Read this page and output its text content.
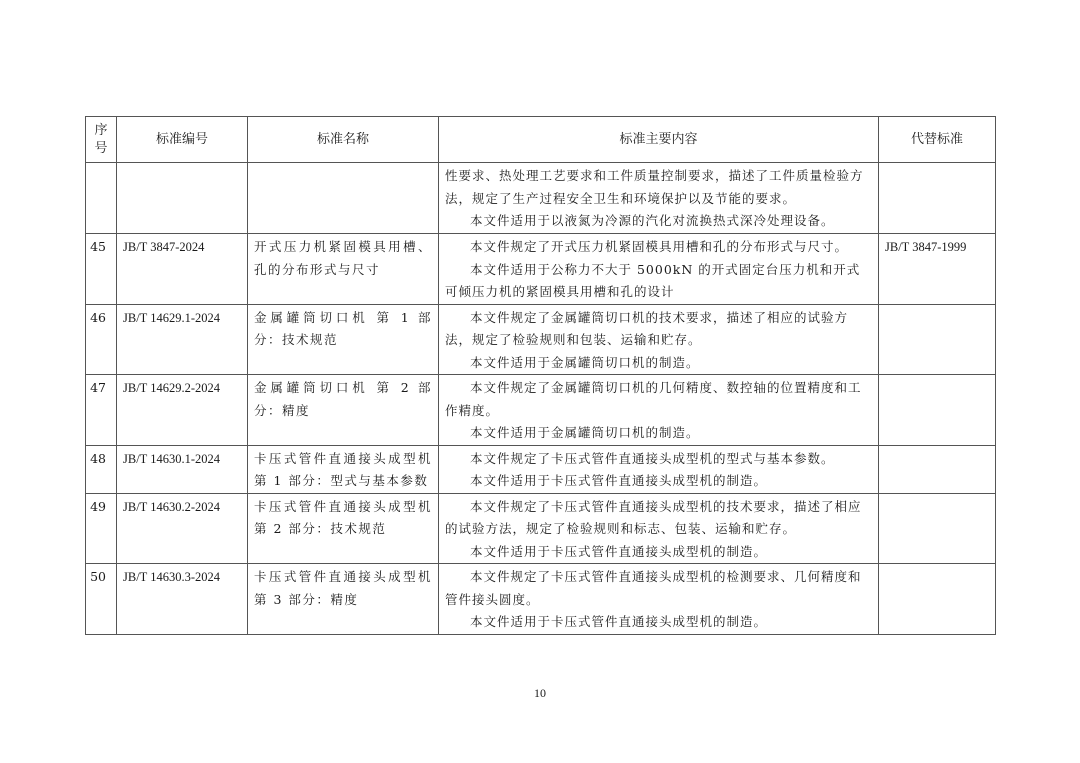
序号	标准编号	标准名称	标准主要内容	代替标准

			性要求、热处理工艺要求和工件质量控制要求，描述了工件质量检验方法，规定了生产过程安全卫生和环境保护以及节能的要求。
本文件适用于以液氮为冷源的汽化对流换热式深冷处理设备。	

45	JB/T 3847-2024	开式压力机紧固模具用槽、孔的分布形式与尺寸	本文件规定了开式压力机紧固模具用槽和孔的分布形式与尺寸。
本文件适用于公称力不大于 5000kN 的开式固定台压力机和开式可倾压力机的紧固模具用槽和孔的设计	JB/T 3847-1999
46	JB/T 14629.1-2024	金属罐筒切口机 第 1 部分：技术规范	本文件规定了金属罐筒切口机的技术要求，描述了相应的试验方法，规定了检验规则和包装、运输和贮存。
本文件适用于金属罐筒切口机的制造。	

47	JB/T 14629.2-2024	金属罐筒切口机 第 2 部分：精度	本文件规定了金属罐筒切口机的几何精度、数控轴的位置精度和工作精度。
本文件适用于金属罐筒切口机的制造。	

48	JB/T 14630.1-2024	卡压式管件直通接头成型机 第 1 部分：型式与基本参数	本文件规定了卡压式管件直通接头成型机的型式与基本参数。
本文件适用于卡压式管件直通接头成型机的制造。	

49	JB/T 14630.2-2024	卡压式管件直通接头成型机 第 2 部分：技术规范	本文件规定了卡压式管件直通接头成型机的技术要求，描述了相应的试验方法，规定了检验规则和标志、包装、运输和贮存。
本文件适用于卡压式管件直通接头成型机的制造。	

50	JB/T 14630.3-2024	卡压式管件直通接头成型机 第 3 部分：精度	本文件规定了卡压式管件直通接头成型机的检测要求、几何精度和管件接头圆度。
本文件适用于卡压式管件直通接头成型机的制造。	

10
